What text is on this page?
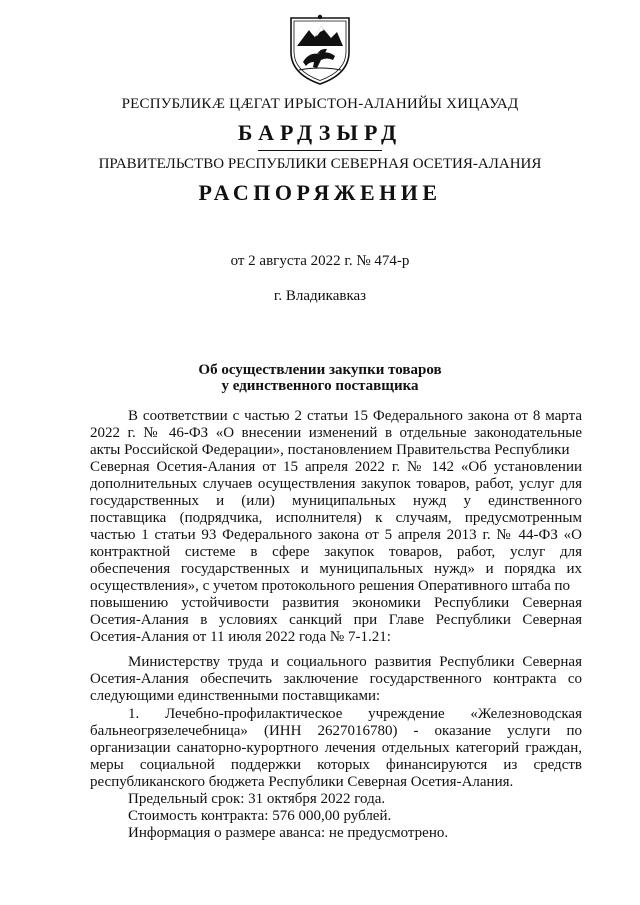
РЕСПУБЛИКӔ ЦӔГАТ ИРЫСТОН-АЛАНИЙЫ ХИЦАУАД
БАРДЗЫРД
ПРАВИТЕЛЬСТВО РЕСПУБЛИКИ СЕВЕРНАЯ ОСЕТИЯ-АЛАНИЯ
РАСПОРЯЖЕНИЕ
от 2 августа 2022 г. № 474-р
г. Владикавказ
Об осуществлении закупки товаров
у единственного поставщика
В соответствии с частью 2 статьи 15 Федерального закона от 8 марта
2022 г. № 46-ФЗ «О внесении изменений в отдельные законодательные
акты Российской Федерации», постановлением Правительства Республики
Северная Осетия-Алания от 15 апреля 2022 г. № 142 «Об установлении
дополнительных случаев осуществления закупок товаров, работ, услуг для
государственных и (или) муниципальных нужд у единственного
поставщика (подрядчика, исполнителя) к случаям, предусмотренным
частью 1 статьи 93 Федерального закона от 5 апреля 2013 г. № 44-ФЗ «О
контрактной системе в сфере закупок товаров, работ, услуг для
обеспечения государственных и муниципальных нужд» и порядка их
осуществления», с учетом протокольного решения Оперативного штаба по
повышению устойчивости развития экономики Республики Северная
Осетия-Алания в условиях санкций при Главе Республики Северная
Осетия-Алания от 11 июля 2022 года № 7-1.21:
Министерству труда и социального развития Республики Северная
Осетия-Алания обеспечить заключение государственного контракта со
следующими единственными поставщиками:
1. Лечебно-профилактическое учреждение «Железноводская
бальнеогрязелечебница» (ИНН 2627016780) - оказание услуги по
организации санаторно-курортного лечения отдельных категорий граждан,
меры социальной поддержки которых финансируются из средств
республиканского бюджета Республики Северная Осетия-Алания.
Предельный срок: 31 октября 2022 года.
Стоимость контракта: 576 000,00 рублей.
Информация о размере аванса: не предусмотрено.
